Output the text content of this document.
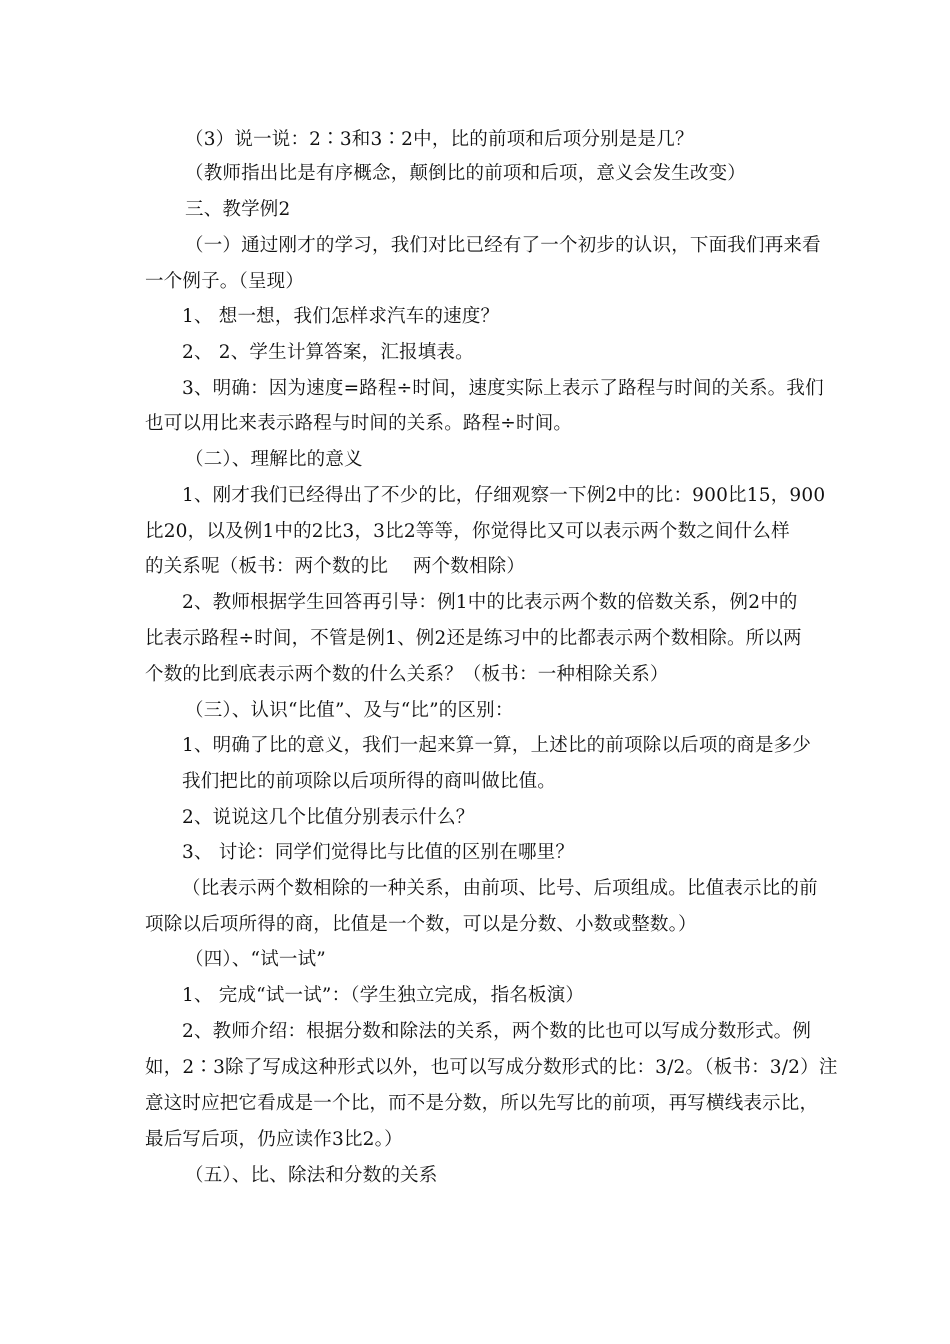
（3）说一说：2∶3和3∶2中，比的前项和后项分别是是几？
（教师指出比是有序概念，颠倒比的前项和后项，意义会发生改变）
三、教学例2
（一）通过刚才的学习，我们对比已经有了一个初步的认识，下面我们再来看
一个例子。（呈现）
1、 想一想，我们怎样求汽车的速度？
2、 2、学生计算答案，汇报填表。
3、明确：因为速度=路程÷时间，速度实际上表示了路程与时间的关系。我们
也可以用比来表示路程与时间的关系。路程÷时间。
（二）、理解比的意义
1、刚才我们已经得出了不少的比，仔细观察一下例2中的比：900比15，900
比20，以及例1中的2比3，3比2等等，你觉得比又可以表示两个数之间什么样
的关系呢（板书：两个数的比　 两个数相除）
2、教师根据学生回答再引导：例1中的比表示两个数的倍数关系，例2中的
比表示路程÷时间，不管是例1、例2还是练习中的比都表示两个数相除。所以两
个数的比到底表示两个数的什么关系？（板书：一种相除关系）
（三）、认识“比值”、及与“比”的区别：
1、明确了比的意义，我们一起来算一算，上述比的前项除以后项的商是多少
我们把比的前项除以后项所得的商叫做比值。
2、说说这几个比值分别表示什么？
3、 讨论：同学们觉得比与比值的区别在哪里？
（比表示两个数相除的一种关系，由前项、比号、后项组成。比值表示比的前
项除以后项所得的商，比值是一个数，可以是分数、小数或整数。）
（四）、“试一试”
1、 完成“试一试”：（学生独立完成，指名板演）
2、教师介绍：根据分数和除法的关系，两个数的比也可以写成分数形式。例
如，2∶3除了写成这种形式以外，也可以写成分数形式的比：3/2。（板书：3/2）注
意这时应把它看成是一个比，而不是分数，所以先写比的前项，再写横线表示比，
最后写后项，仍应读作3比2。）
（五）、比、除法和分数的关系
